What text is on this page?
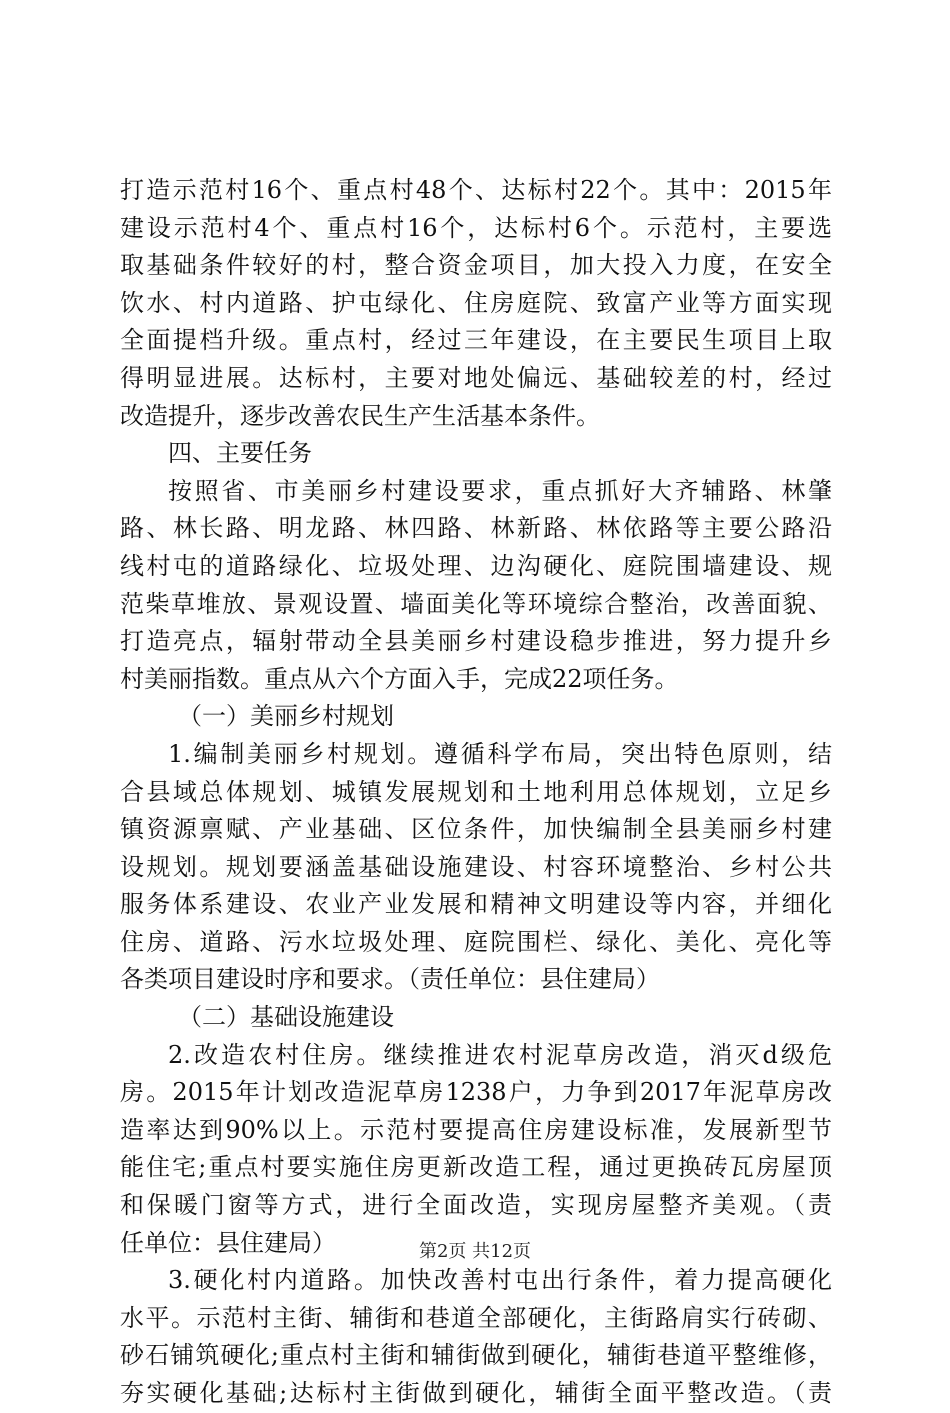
打造示范村16个、重点村48个、达标村22个。其中：2015年
建设示范村4个、重点村16个，达标村6个。示范村，主要选
取基础条件较好的村，整合资金项目，加大投入力度，在安全
饮水、村内道路、护屯绿化、住房庭院、致富产业等方面实现
全面提档升级。重点村，经过三年建设，在主要民生项目上取
得明显进展。达标村，主要对地处偏远、基础较差的村，经过
改造提升，逐步改善农民生产生活基本条件。
四、主要任务
按照省、市美丽乡村建设要求，重点抓好大齐辅路、林肇
路、林长路、明龙路、林四路、林新路、林依路等主要公路沿
线村屯的道路绿化、垃圾处理、边沟硬化、庭院围墙建设、规
范柴草堆放、景观设置、墙面美化等环境综合整治，改善面貌、
打造亮点，辐射带动全县美丽乡村建设稳步推进，努力提升乡
村美丽指数。重点从六个方面入手，完成22项任务。
（一）美丽乡村规划
1.编制美丽乡村规划。遵循科学布局，突出特色原则，结
合县域总体规划、城镇发展规划和土地利用总体规划，立足乡
镇资源禀赋、产业基础、区位条件，加快编制全县美丽乡村建
设规划。规划要涵盖基础设施建设、村容环境整治、乡村公共
服务体系建设、农业产业发展和精神文明建设等内容，并细化
住房、道路、污水垃圾处理、庭院围栏、绿化、美化、亮化等
各类项目建设时序和要求。（责任单位：县住建局）
（二）基础设施建设
2.改造农村住房。继续推进农村泥草房改造，消灭d级危
房。2015年计划改造泥草房1238户，力争到2017年泥草房改
造率达到90%以上。示范村要提高住房建设标准，发展新型节
能住宅;重点村要实施住房更新改造工程，通过更换砖瓦房屋顶
和保暖门窗等方式，进行全面改造，实现房屋整齐美观。（责
任单位：县住建局）
3.硬化村内道路。加快改善村屯出行条件，着力提高硬化
水平。示范村主街、辅街和巷道全部硬化，主街路肩实行砖砌、
砂石铺筑硬化;重点村主街和辅街做到硬化，辅街巷道平整维修，
夯实硬化基础;达标村主街做到硬化，辅街全面平整改造。（责
第2页 共12页
